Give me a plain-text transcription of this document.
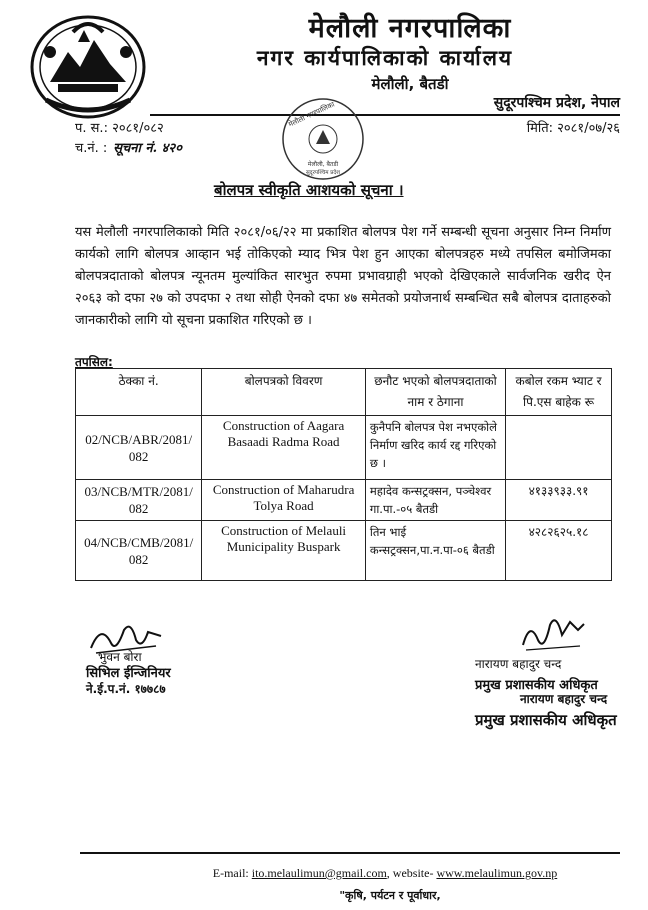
मेलौली नगरपालिका
नगर कार्यपालिकाको कार्यालय
मेलौली, बैतडी
सुदूरपश्चिम प्रदेश, नेपाल
मेलौली नगरपालिका
मेलौली, बैतडी
सुदूरपश्चिम प्रदेश
प. स.: २०८१/०८२
च.नं. : सूचना नं. ४२०
मिति: २०८१/०७/२६
बोलपत्र स्वीकृति आशयको सूचना ।
यस मेलौली नगरपालिकाको मिति २०८१/०६/२२ मा प्रकाशित बोलपत्र पेश गर्ने सम्बन्धी सूचना अनुसार निम्न निर्माण कार्यको लागि बोलपत्र आव्हान भई तोकिएको म्याद भित्र पेश हुन आएका बोलपत्रहरु मध्ये तपसिल बमोजिमका बोलपत्रदाताको बोलपत्र न्यूनतम मुल्यांकित सारभुत रुपमा प्रभावग्राही भएको देखिएकाले सार्वजनिक खरीद ऐन २०६३ को दफा २७ को उपदफा २ तथा सोही ऐनको दफा ४७ समेतको प्रयोजनार्थ सम्बन्धित सबै बोलपत्र दाताहरुको जानकारीको लागि यो सूचना प्रकाशित गरिएको छ ।
तपसिल:
ठेक्का नं.	बोलपत्रको विवरण	छनौट भएको बोलपत्रदाताको नाम र ठेगाना	कबोल रकम भ्याट र पि.एस बाहेक रू
02/NCB/ABR/2081/ 082	Construction of Aagara Basaadi Radma Road	कुनैपनि बोलपत्र पेश नभएकोले निर्माण खरिद कार्य रद्द गरिएको छ ।	
03/NCB/MTR/2081/ 082	Construction of Maharudra Tolya Road	महादेव कन्सट्रक्सन, पञ्चेश्वर गा.पा.-०५ बैतडी	४१३३९३३.९१
04/NCB/CMB/2081/ 082	Construction of Melauli Municipality Buspark	तिन भाई कन्सट्रक्सन,पा.न.पा-०६ बैतडी	४२८२६२५.१८
भुवन बोरा
सिभिल ईन्जिनियर
ने.ई.प.नं. १७७८७
नारायण बहादुर चन्द
प्रमुख प्रशासकीय अधिकृत
नारायण बहादुर चन्द
प्रमुख प्रशासकीय अधिकृत
E-mail: ito.melaulimun@gmail.com, website- www.melaulimun.gov.np
"कृषि, पर्यटन र पूर्वाधार,
